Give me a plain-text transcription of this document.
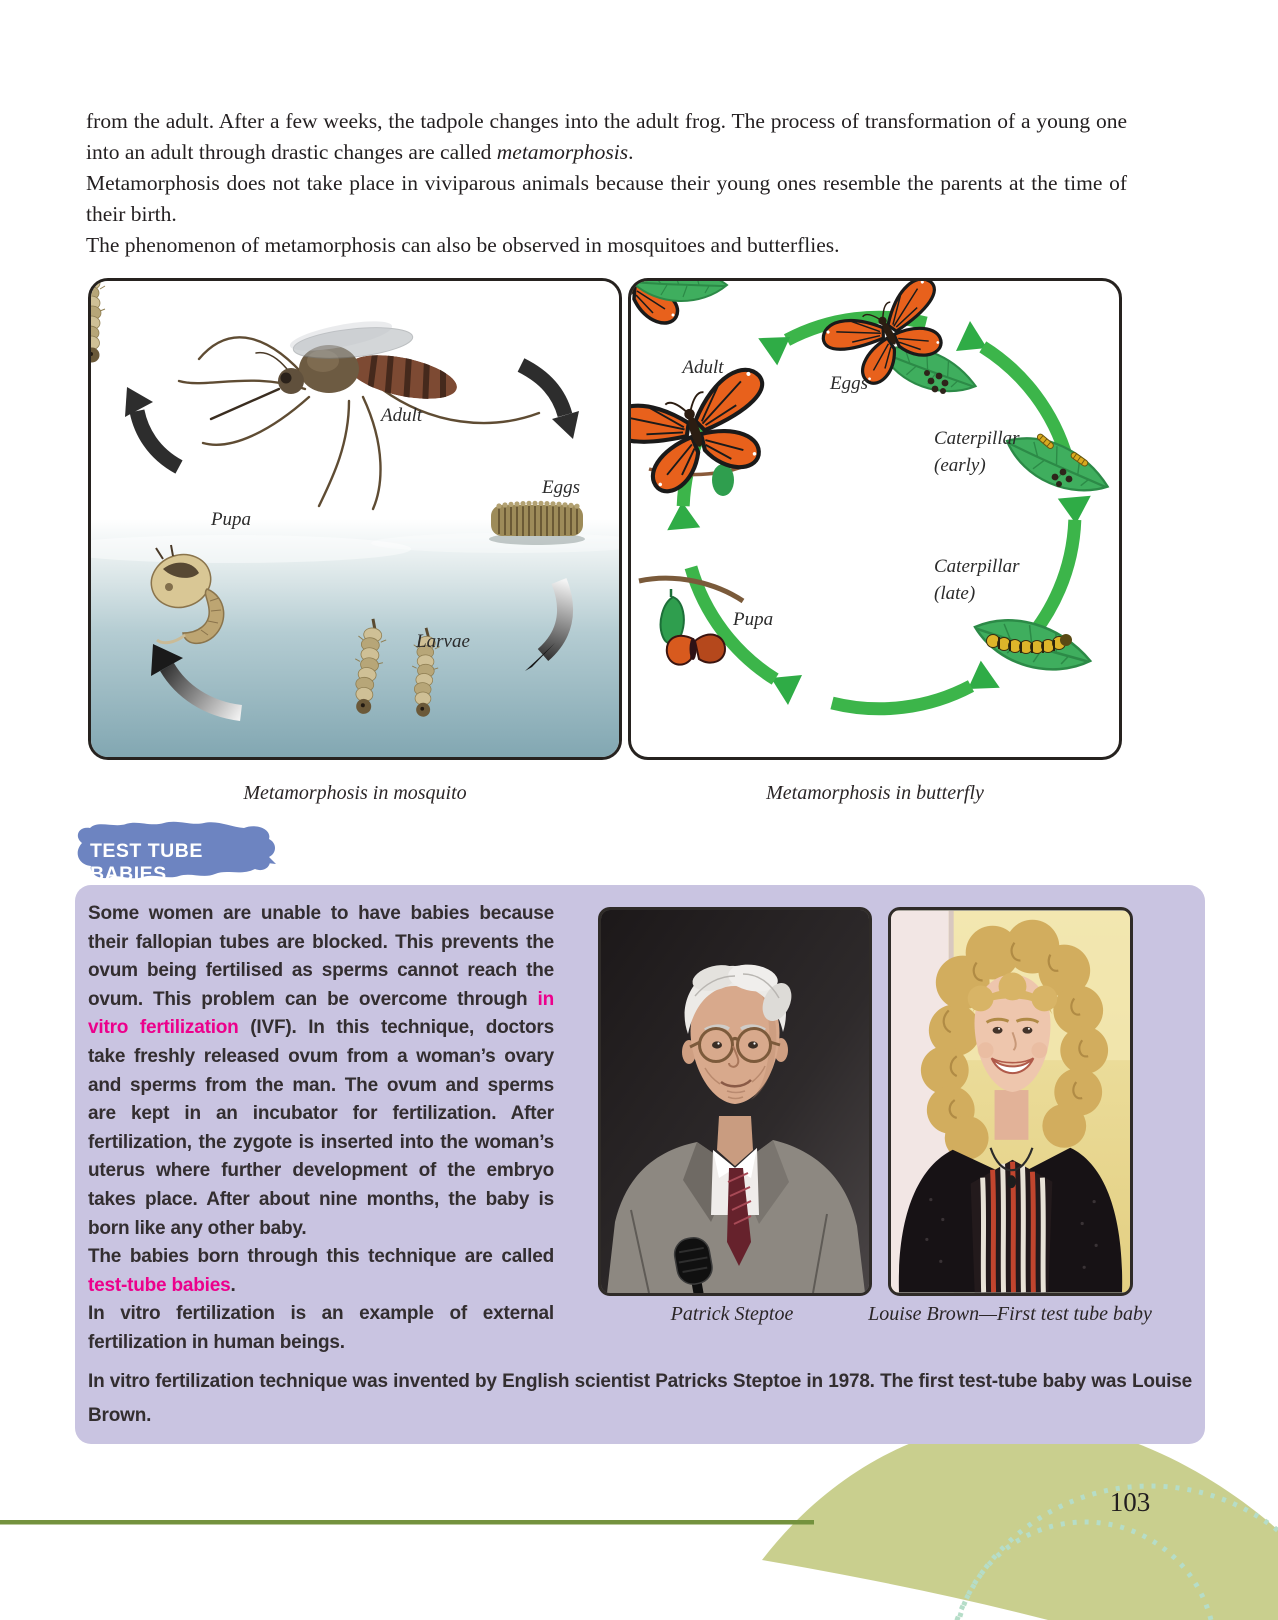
from the adult. After a few weeks, the tadpole changes into the adult frog. The process of transformation of a young one into an adult through drastic changes are called metamorphosis.

Metamorphosis does not take place in viviparous animals because their young ones resemble the parents at the time of their birth.

The phenomenon of metamorphosis can also be observed in mosquitoes and butterflies.

Adult
Eggs
Pupa
Larvae
Adult
Eggs
Caterpillar
(early)
Caterpillar
(late)
Pupa
Metamorphosis in mosquito	Metamorphosis in butterfly
TEST TUBE BABIES

Some women are unable to have babies because their fallopian tubes are blocked. This prevents the ovum being fertilised as sperms cannot reach the ovum. This problem can be overcome through in vitro fertilization (IVF). In this technique, doctors take freshly released ovum from a woman’s ovary and sperms from the man. The ovum and sperms are kept in an incubator for fertilization. After fertilization, the zygote is inserted into the woman’s uterus where further development of the embryo takes place. After about nine months, the baby is born like any other baby.

The babies born through this technique are called test-tube babies.

In vitro fertilization is an example of external fertilization in human beings.

Patrick Steptoe	Louise Brown—First test tube baby

In vitro fertilization technique was invented by English scientist Patricks Steptoe in 1978. The first test-tube baby was Louise Brown.

103
